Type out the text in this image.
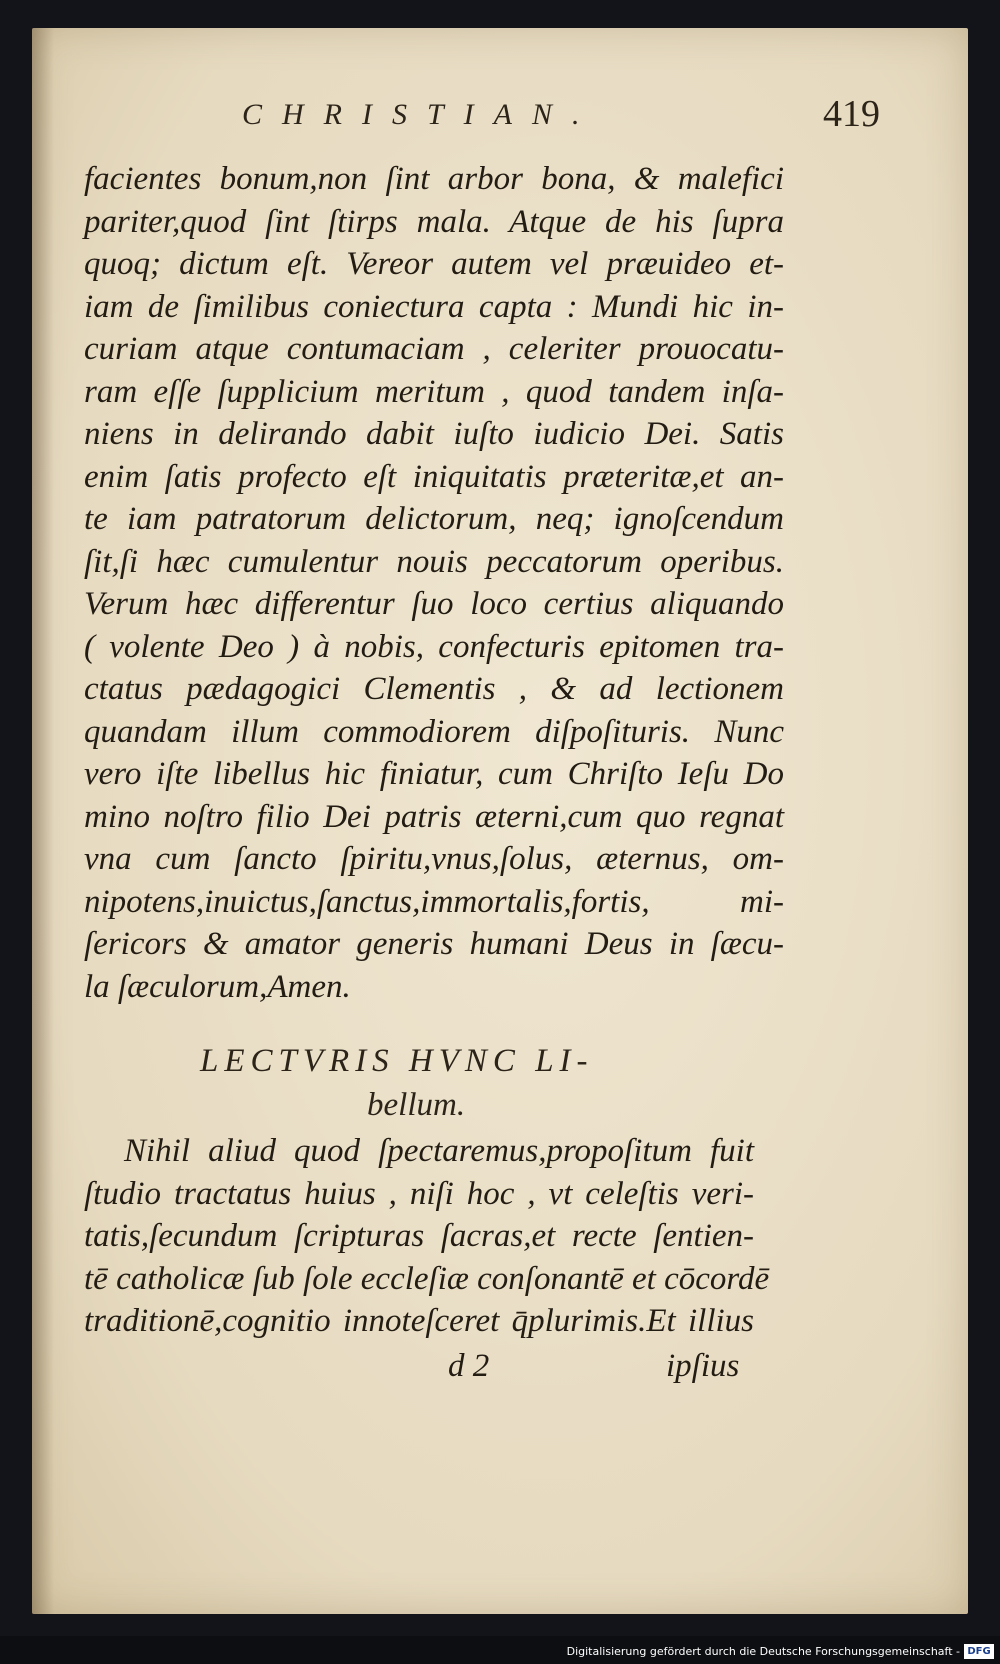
CHRISTIAN.	419
facientes bonum,non ſint arbor bona, & malefici
pariter,quod ſint ſtirps mala. Atque de his ſupra
quoq; dictum eſt. Vereor autem vel præuideo et-
iam de ſimilibus coniectura capta : Mundi hic in-
curiam atque contumaciam , celeriter prouocatu-
ram eſſe ſupplicium meritum , quod tandem inſa-
niens in delirando dabit iuſto iudicio Dei. Satis
enim ſatis profecto eſt iniquitatis præteritæ,et an-
te iam patratorum delictorum, neq; ignoſcendum
ſit,ſi hæc cumulentur nouis peccatorum operibus.
Verum hæc differentur ſuo loco certius aliquando
( volente Deo ) à nobis, confecturis epitomen tra-
ctatus pædagogici Clementis , & ad lectionem
quandam illum commodiorem diſpoſituris. Nunc
vero iſte libellus hic finiatur, cum Chriſto Ieſu Do
mino noſtro filio Dei patris æterni,cum quo regnat
vna cum ſancto ſpiritu,vnus,ſolus, æternus, om-
nipotens,inuictus,ſanctus,immortalis,fortis, mi-
ſericors & amator generis humani Deus in ſæcu-
la ſæculorum,Amen.
LECTVRIS HVNC LI-
bellum.
Nihil aliud quod ſpectaremus,propoſitum fuit
ſtudio tractatus huius , niſi hoc , vt celeſtis veri-
tatis,ſecundum ſcripturas ſacras,et recte ſentien-
tē catholicæ ſub ſole eccleſiæ conſonantē et cōcordē
traditionē,cognitio innoteſceret q̄plurimis.Et illius
d 2	ipſius
Digitalisierung gefördert durch die Deutsche Forschungsgemeinschaft - DFG
